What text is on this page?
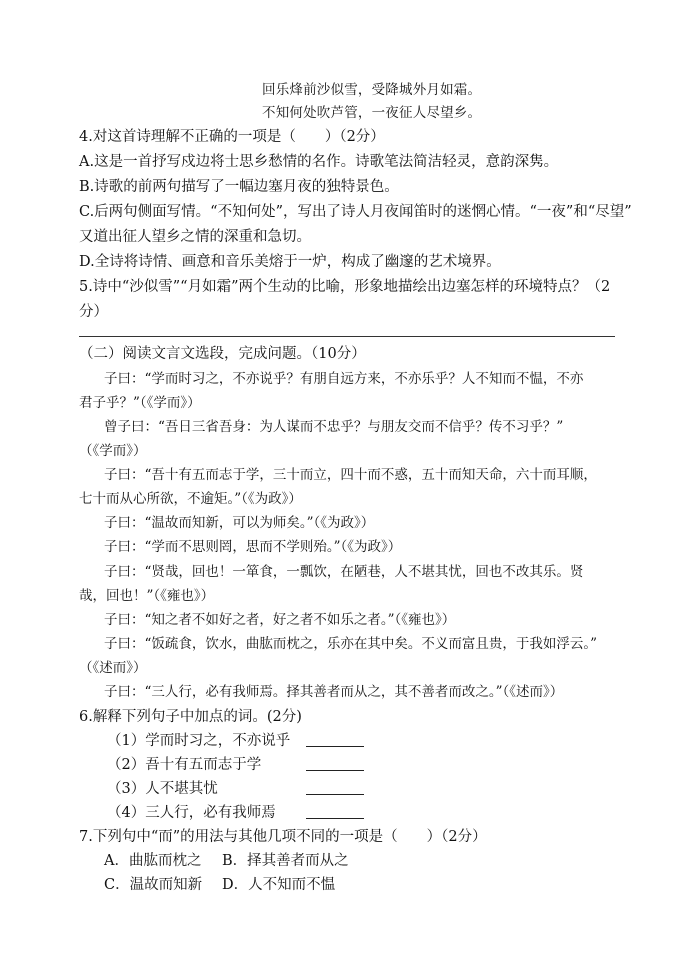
回乐烽前沙似雪，受降城外月如霜。
不知何处吹芦管，一夜征人尽望乡。
4.对这首诗理解不正确的一项是（　　）（2分）
A.这是一首抒写戍边将士思乡愁情的名作。诗歌笔法简洁轻灵，意韵深隽。
B.诗歌的前两句描写了一幅边塞月夜的独特景色。
C.后两句侧面写情。“不知何处”，写出了诗人月夜闻笛时的迷惘心情。“一夜”和“尽望”
又道出征人望乡之情的深重和急切。
D.全诗将诗情、画意和音乐美熔于一炉，构成了幽邃的艺术境界。
5.诗中“沙似雪”“月如霜”两个生动的比喻，形象地描绘出边塞怎样的环境特点？（2
分）
（二）阅读文言文选段，完成问题。（10分）
子曰：“学而时习之，不亦说乎？有朋自远方来，不亦乐乎？人不知而不愠，不亦
君子乎？”（《学而》）
曾子曰：“吾日三省吾身：为人谋而不忠乎？与朋友交而不信乎？传不习乎？”
（《学而》）
子曰：“吾十有五而志于学，三十而立，四十而不惑，五十而知天命，六十而耳顺，
七十而从心所欲，不逾矩。”（《为政》）
子曰：“温故而知新，可以为师矣。”（《为政》）
子曰：“学而不思则罔，思而不学则殆。”（《为政》）
子曰：“贤哉，回也！一箪食，一瓢饮，在陋巷，人不堪其忧，回也不改其乐。贤
哉，回也！”（《雍也》）
子曰：“知之者不如好之者，好之者不如乐之者。”（《雍也》）
子曰：“饭疏食，饮水，曲肱而枕之，乐亦在其中矣。不义而富且贵，于我如浮云。”
（《述而》）
子曰：“三人行，必有我师焉。择其善者而从之，其不善者而改之。”（《述而》）
6.解释下列句子中加点的词。(2分)
（1）学而时习之，不亦说乎
（2）吾十有五而志于学
（3）人不堪其忧
（4）三人行，必有我师焉
7.下列句中“而”的用法与其他几项不同的一项是（　　）（2分）
A．曲肱而枕之 B．择其善者而从之
C．温故而知新 D．人不知而不愠
